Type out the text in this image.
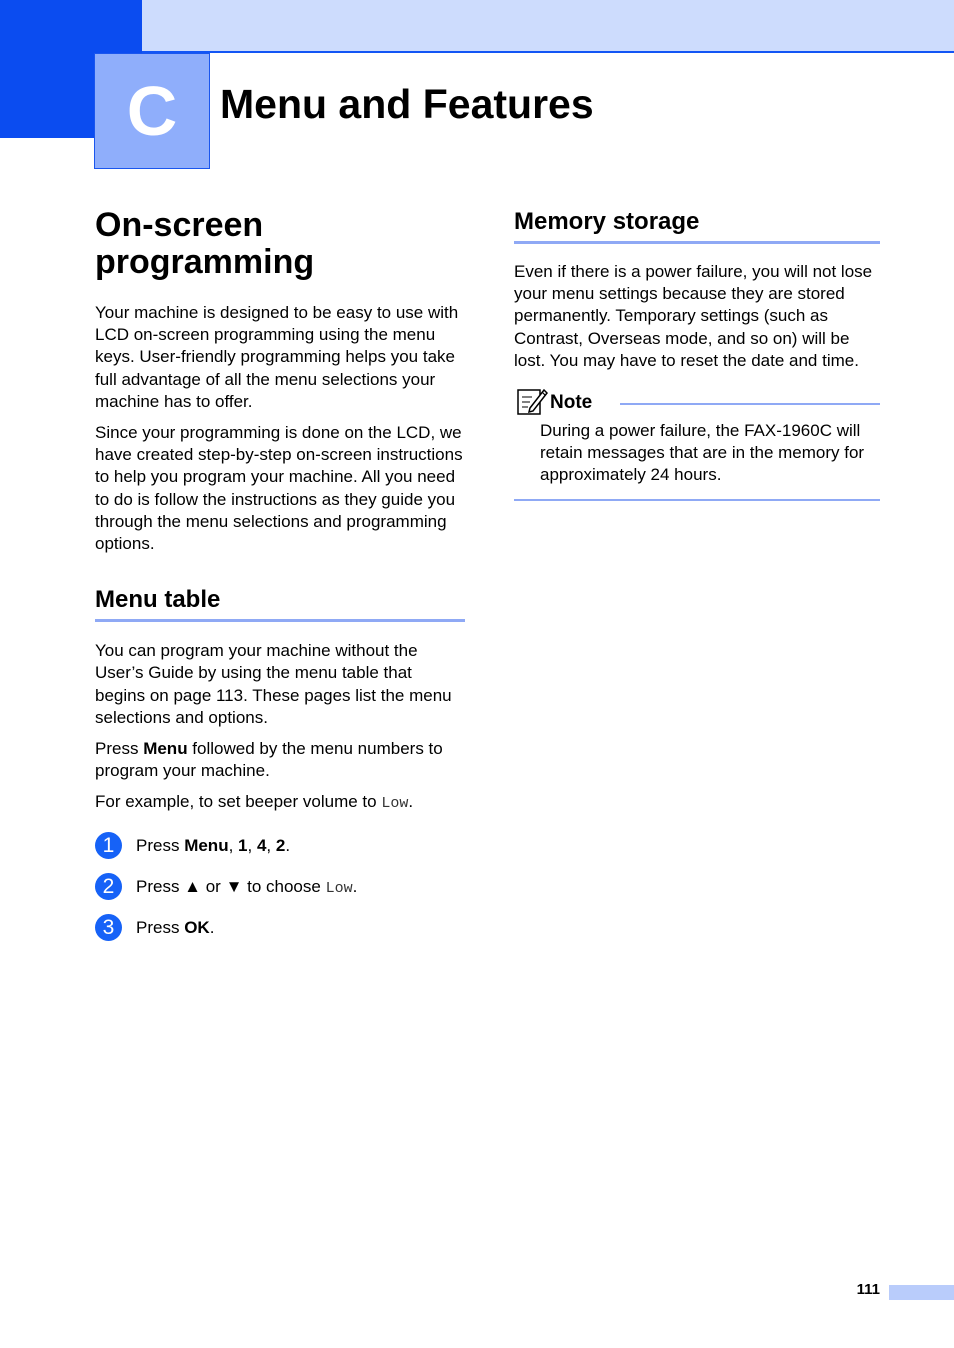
C Menu and Features
On-screen
programming

Your machine is designed to be easy to use with LCD on-screen programming using the menu keys. User-friendly programming helps you take full advantage of all the menu selections your machine has to offer.

Since your programming is done on the LCD, we have created step-by-step on-screen instructions to help you program your machine. All you need to do is follow the instructions as they guide you through the menu selections and programming options.

Menu table

You can program your machine without the User’s Guide by using the menu table that begins on page 113. These pages list the menu selections and options.

Press Menu followed by the menu numbers to program your machine.

For example, to set beeper volume to Low.

1	Press Menu, 1, 4, 2.
2	Press ▲ or ▼ to choose Low.
3	Press OK.
Memory storage

Even if there is a power failure, you will not lose your menu settings because they are stored permanently. Temporary settings (such as Contrast, Overseas mode, and so on) will be lost. You may have to reset the date and time.

Note

During a power failure, the FAX-1960C will retain messages that are in the memory for approximately 24 hours.

111
